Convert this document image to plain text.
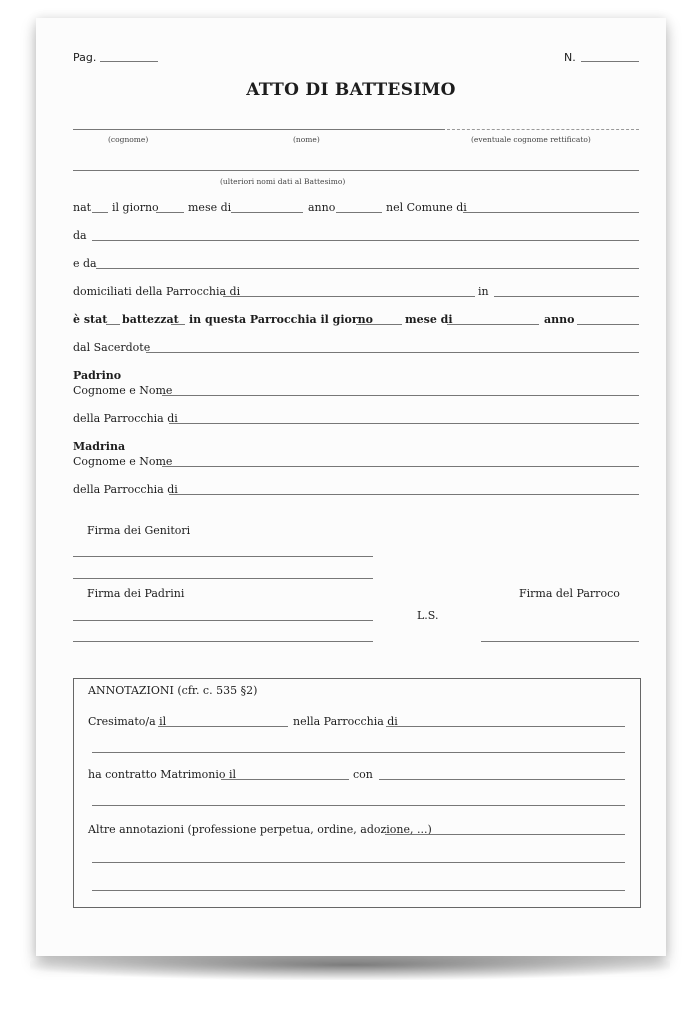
Pag.	N.
ATTO DI BATTESIMO
(cognome)	(nome)	(eventuale cognome rettificato)
(ulteriori nomi dati al Battesimo)
nat il giorno	mese di	anno	nel Comune di
da
e da
domiciliati della Parrocchia di	in
è stat battezzat in questa Parrocchia il giorno	mese di	anno
dal Sacerdote
Padrino
Cognome e Nome
della Parrocchia di
Madrina
Cognome e Nome
della Parrocchia di
Firma dei Genitori
Firma dei Padrini
L.S.
Firma del Parroco
ANNOTAZIONI (cfr. c. 535 §2)
Cresimato/a il	nella Parrocchia di
ha contratto Matrimonio il	con
Altre annotazioni (professione perpetua, ordine, adozione, ...)
